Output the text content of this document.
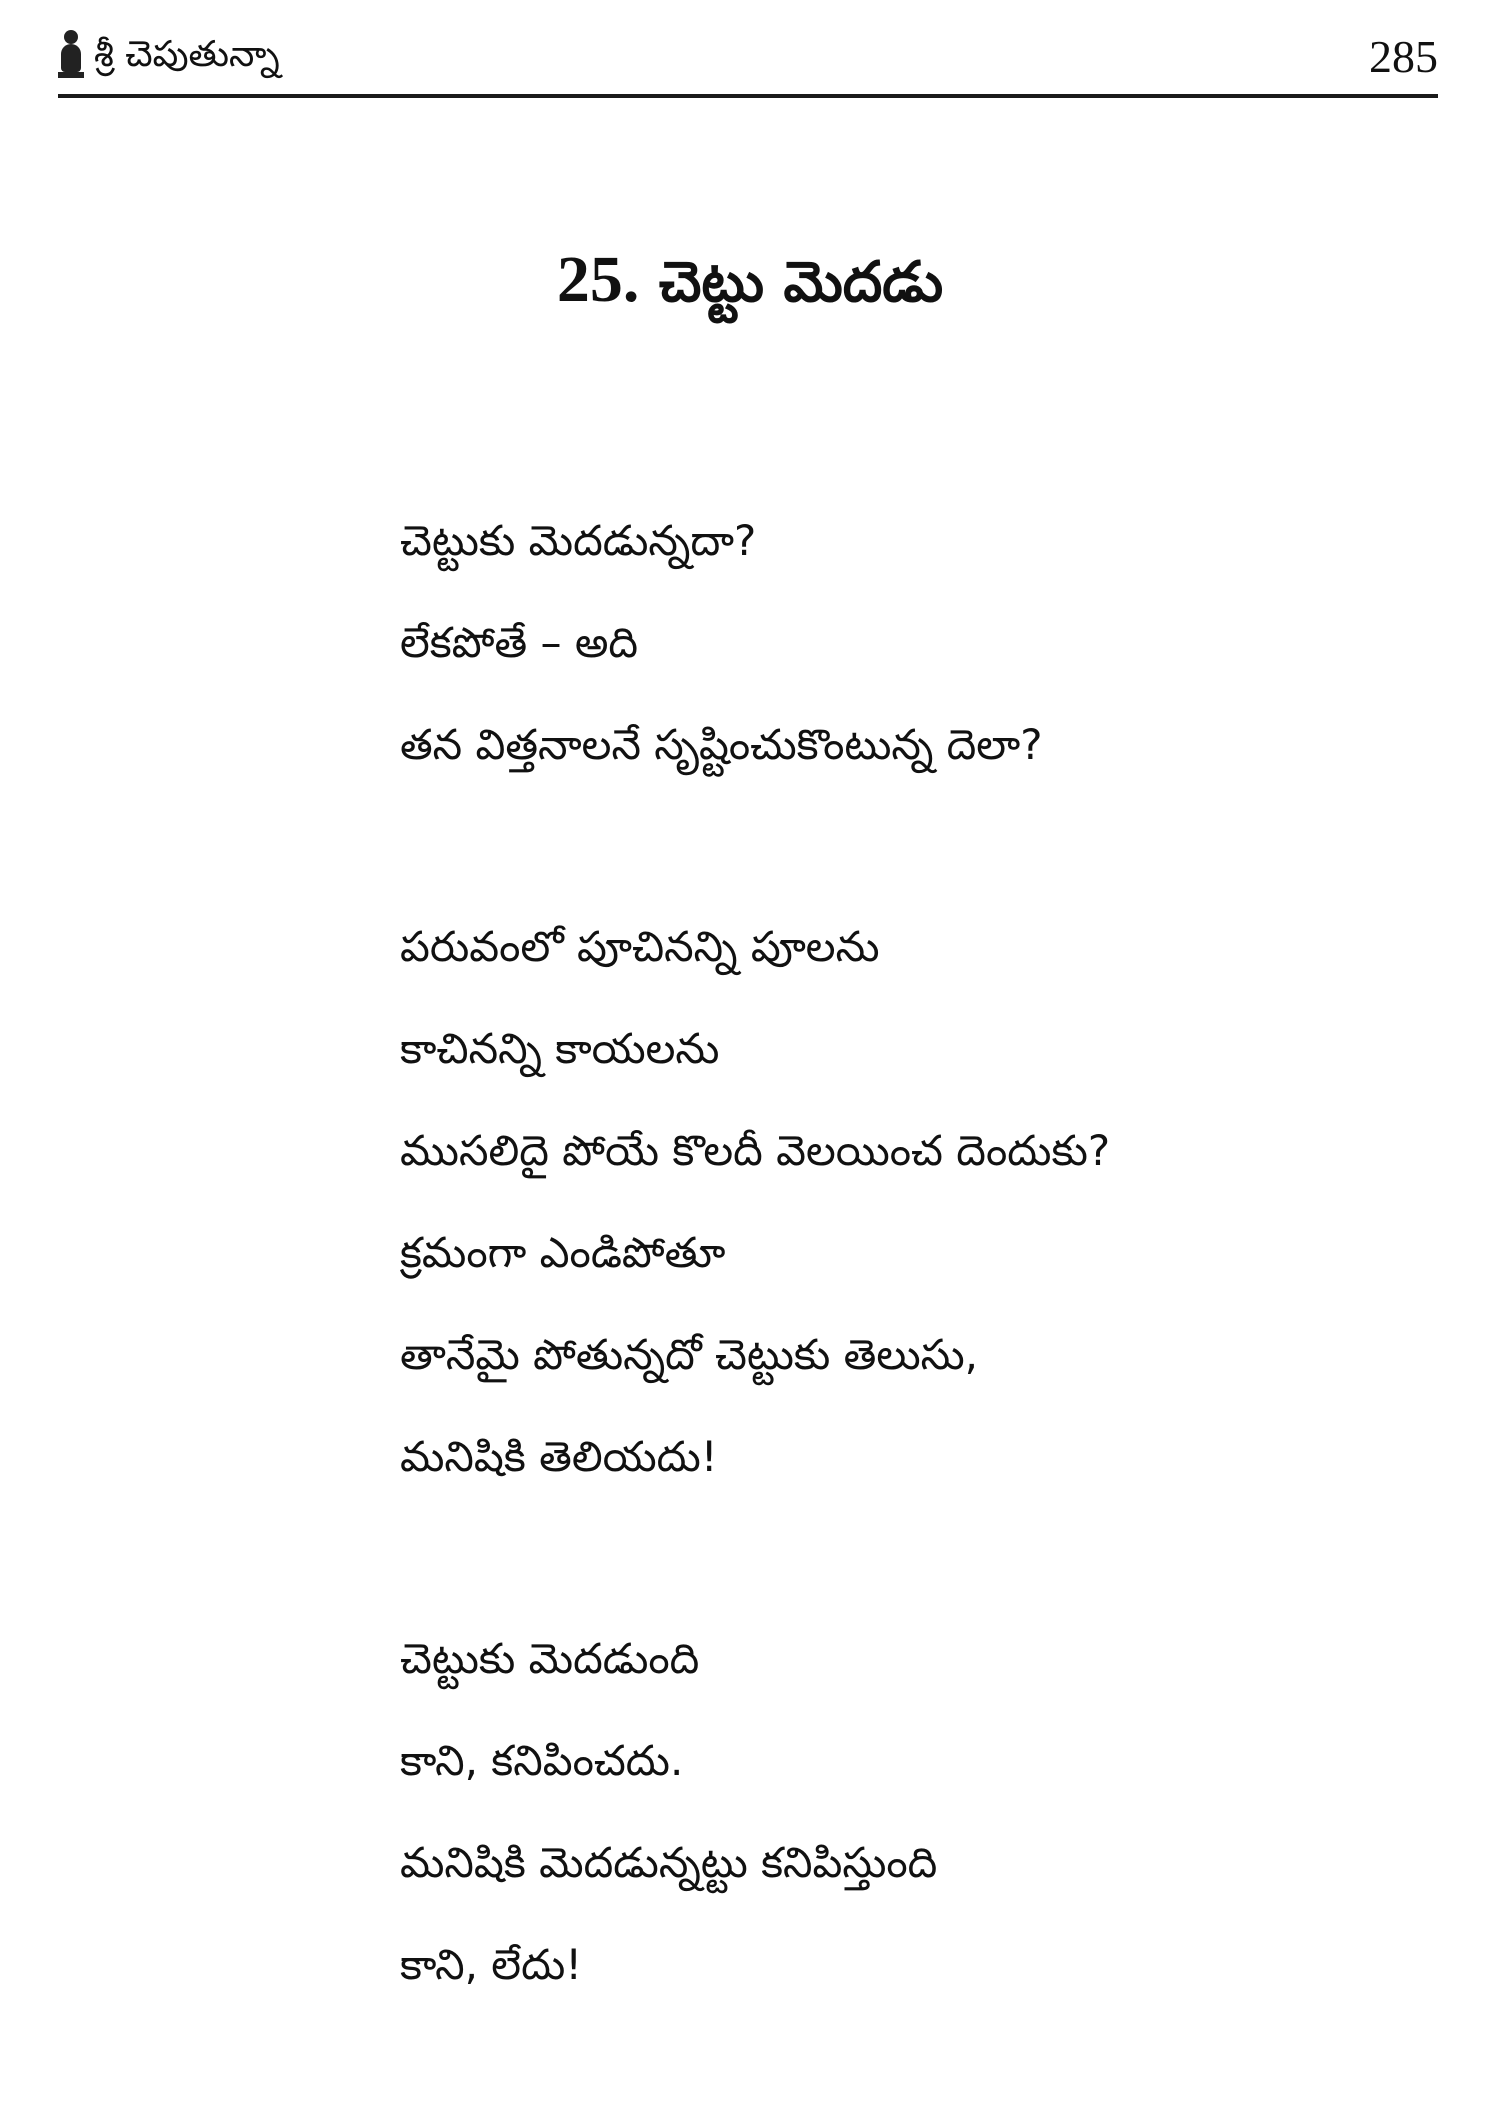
శ్రీ చెపుతున్నా	285
25. చెట్టు మెదడు
చెట్టుకు మెదడున్నదా?
లేకపోతే – అది
తన విత్తనాలనే సృష్టించుకొంటున్న దెలా?
పరువంలో పూచినన్ని పూలను
కాచినన్ని కాయలను
ముసలిదై పోయే కొలదీ వెలయించ దెందుకు?
క్రమంగా ఎండిపోతూ
తానేమై పోతున్నదో చెట్టుకు తెలుసు,
మనిషికి తెలియదు!
చెట్టుకు మెదడుంది
కాని, కనిపించదు.
మనిషికి మెదడున్నట్టు కనిపిస్తుంది
కాని, లేదు!
